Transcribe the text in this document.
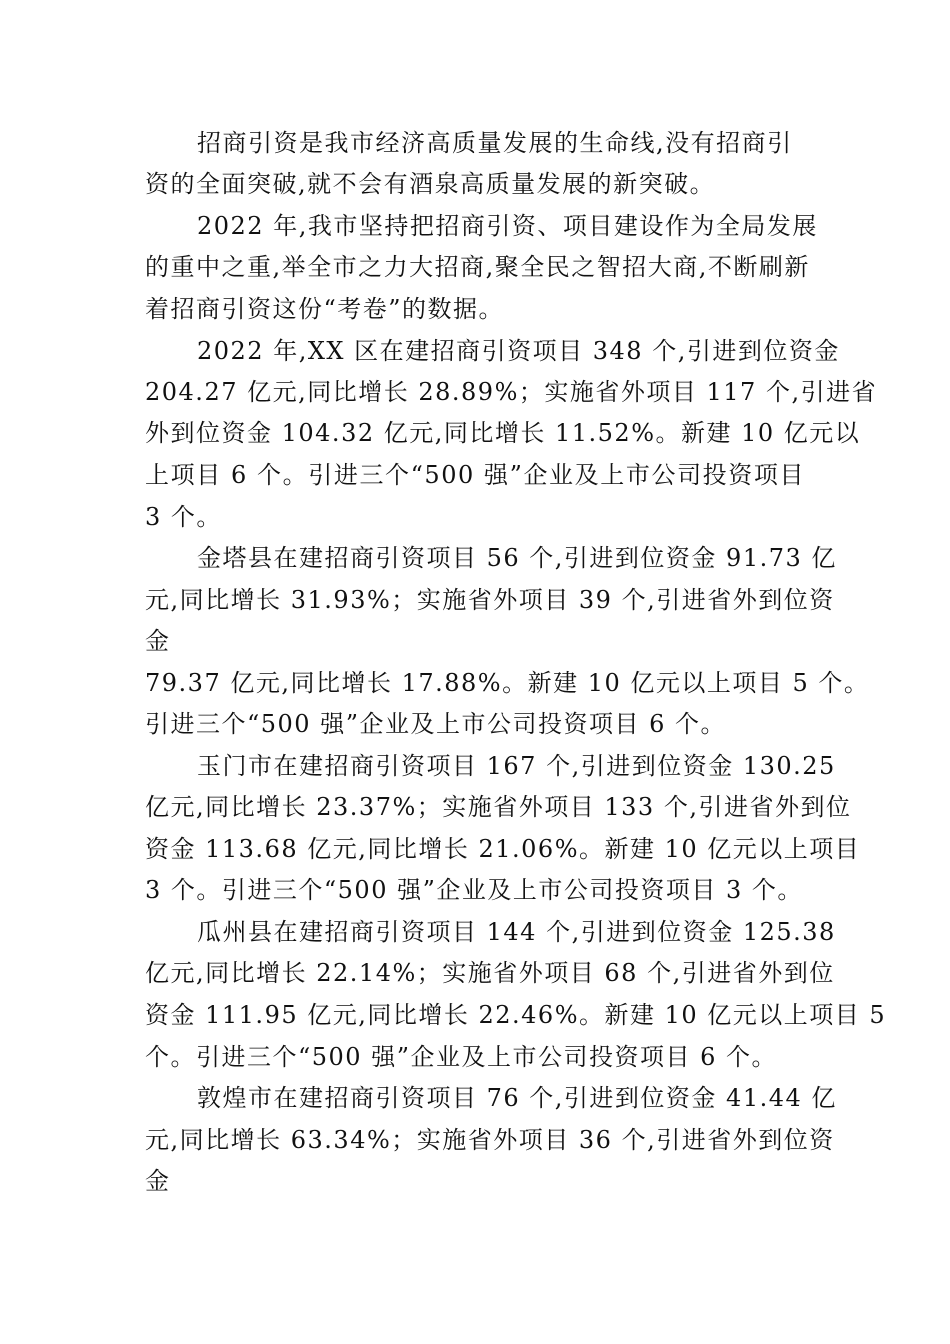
招商引资是我市经济高质量发展的生命线,没有招商引
资的全面突破,就不会有酒泉高质量发展的新突破。
2022 年,我市坚持把招商引资、项目建设作为全局发展
的重中之重,举全市之力大招商,聚全民之智招大商,不断刷新
着招商引资这份“考卷”的数据。
2022 年,XX 区在建招商引资项目 348 个,引进到位资金
204.27 亿元,同比增长 28.89%；实施省外项目 117 个,引进省
外到位资金 104.32 亿元,同比增长 11.52%。新建 10 亿元以
上项目 6 个。引进三个“500 强”企业及上市公司投资项目
3 个。
金塔县在建招商引资项目 56 个,引进到位资金 91.73 亿
元,同比增长 31.93%；实施省外项目 39 个,引进省外到位资
金
79.37 亿元,同比增长 17.88%。新建 10 亿元以上项目 5 个。
引进三个“500 强”企业及上市公司投资项目 6 个。
玉门市在建招商引资项目 167 个,引进到位资金 130.25
亿元,同比增长 23.37%；实施省外项目 133 个,引进省外到位
资金 113.68 亿元,同比增长 21.06%。新建 10 亿元以上项目
3 个。引进三个“500 强”企业及上市公司投资项目 3 个。
瓜州县在建招商引资项目 144 个,引进到位资金 125.38
亿元,同比增长 22.14%；实施省外项目 68 个,引进省外到位
资金 111.95 亿元,同比增长 22.46%。新建 10 亿元以上项目 5
个。引进三个“500 强”企业及上市公司投资项目 6 个。
敦煌市在建招商引资项目 76 个,引进到位资金 41.44 亿
元,同比增长 63.34%；实施省外项目 36 个,引进省外到位资
金
